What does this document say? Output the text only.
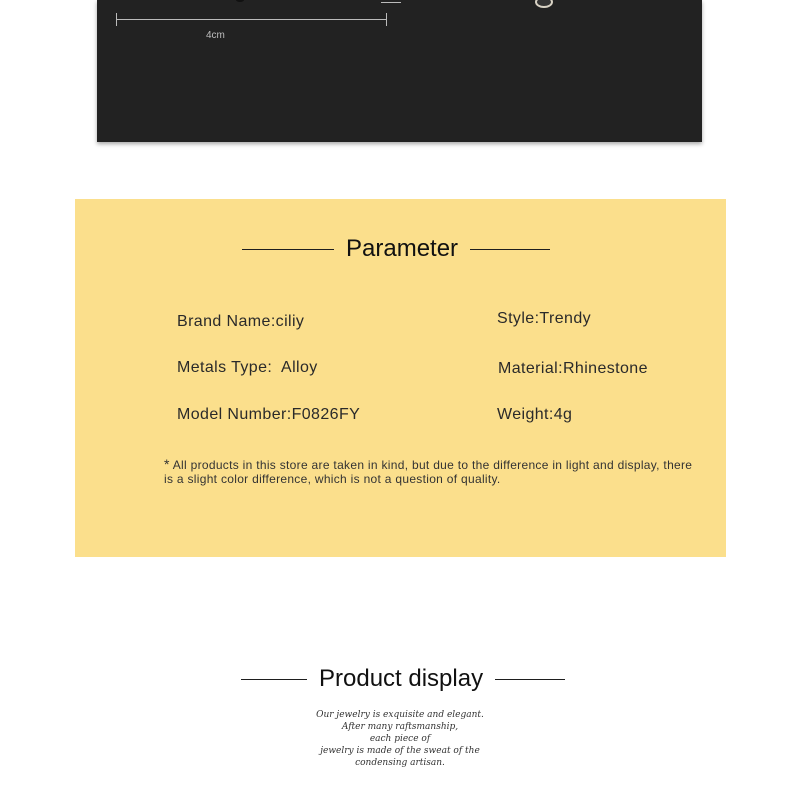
4cm
Parameter
Brand Name:ciliy	Style:Trendy
Metals Type:  Alloy	Material:Rhinestone
Model Number:F0826FY	Weight:4g
* All products in this store are taken in kind, but due to the difference in light and display, there is a slight color difference, which is not a question of quality.
Product display
Our jewelry is exquisite and elegant.
After many raftsmanship,
each piece of
jewelry is made of the sweat of the
condensing artisan.
